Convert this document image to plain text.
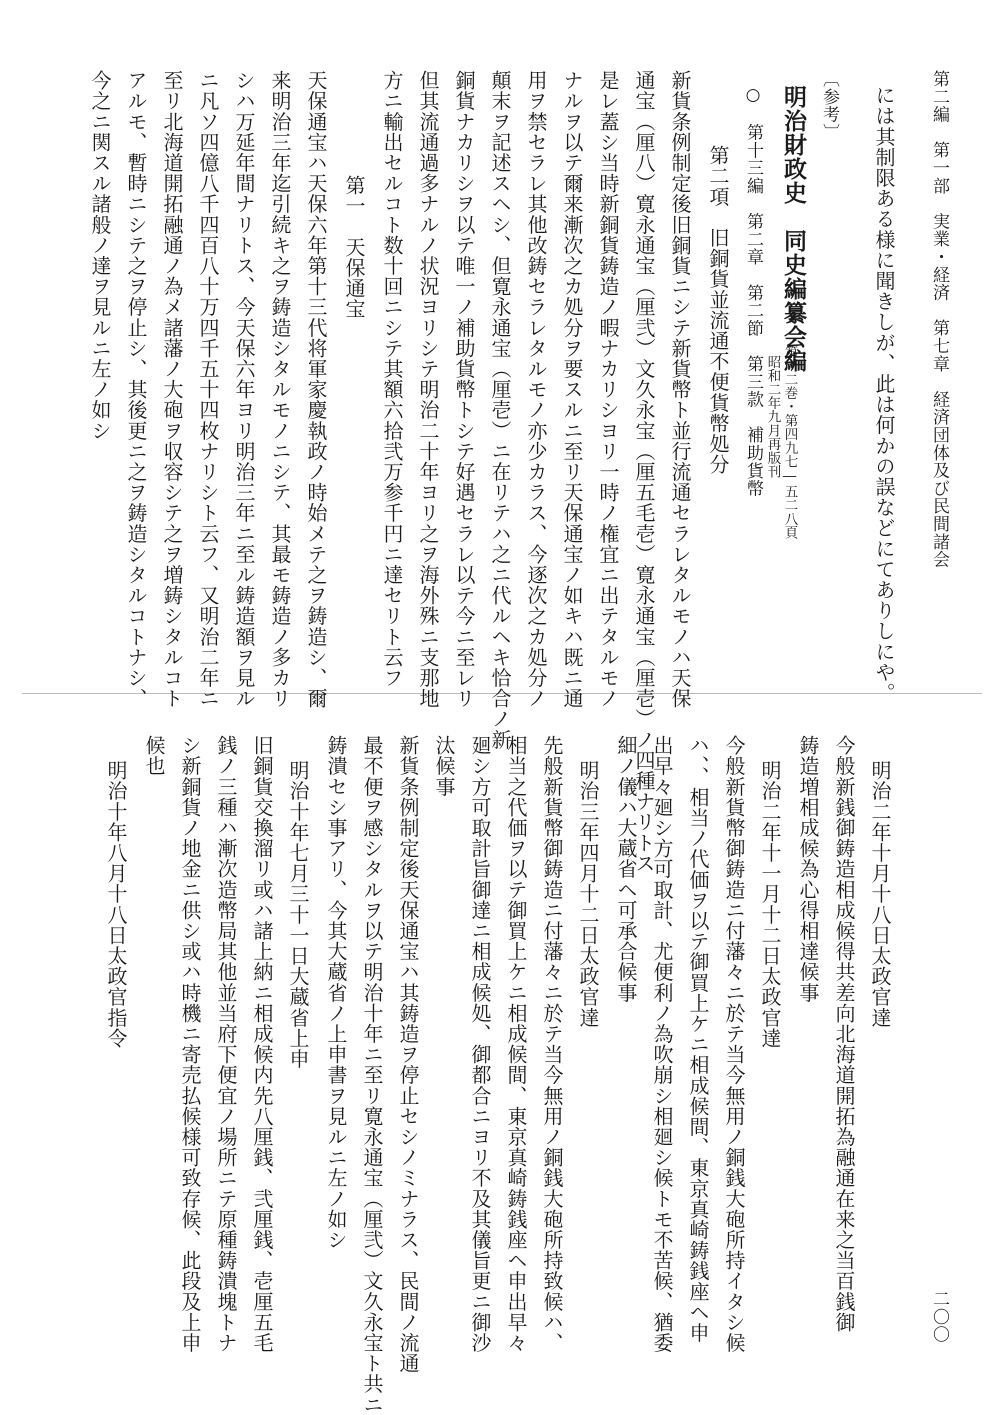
第二編　第一部　実業・経済　第七章　経済団体及び民間諸会
二〇〇
には其制限ある様に聞きしが、此は何かの誤などにてありしにや。
〔参考〕
明治財政史　同史編纂会編
第一二巻・第四九七―五二八頁
昭和二年九月再版刊
○　第十三編　第二章　第二節　第三款　補助貨幣
第二項　旧銅貨並流通不便貨幣処分
新貨条例制定後旧銅貨ニシテ新貨幣ト並行流通セラレタルモノハ天保
通宝（厘八）寛永通宝（厘弐）文久永宝（厘五毛壱）寛永通宝（厘壱）ノ四種ナリトス
是レ蓋シ当時新銅貨鋳造ノ暇ナカリシヨリ一時ノ権宜ニ出テタルモノ
ナルヲ以テ爾来漸次之カ処分ヲ要スルニ至リ天保通宝ノ如キハ既ニ通
用ヲ禁セラレ其他改鋳セラレタルモノ亦少カラス、今逐次之カ処分ノ
顛末ヲ記述スヘシ、但寛永通宝（厘壱）ニ在リテハ之ニ代ルヘキ恰合ノ新
銅貨ナカリシヲ以テ唯一ノ補助貨幣トシテ好遇セラレ以テ今ニ至レリ
但其流通過多ナルノ状況ヨリシテ明治二十年ヨリ之ヲ海外殊ニ支那地
方ニ輸出セルコト数十回ニシテ其額六拾弐万参千円ニ達セリト云フ
第一　天保通宝
天保通宝ハ天保六年第十三代将軍家慶執政ノ時始メテ之ヲ鋳造シ、爾
来明治三年迄引続キ之ヲ鋳造シタルモノニシテ、其最モ鋳造ノ多カリ
シハ万延年間ナリトス、今天保六年ヨリ明治三年ニ至ル鋳造額ヲ見ル
ニ凡ソ四億八千四百八十万四千五十四枚ナリシト云フ、又明治二年ニ
至リ北海道開拓融通ノ為メ諸藩ノ大砲ヲ収容シテ之ヲ増鋳シタルコト
アルモ、暫時ニシテ之ヲ停止シ、其後更ニ之ヲ鋳造シタルコトナシ、
今之ニ関スル諸般ノ達ヲ見ルニ左ノ如シ
明治二年十月十八日太政官達
今般新銭御鋳造相成候得共差向北海道開拓為融通在来之当百銭御
鋳造増相成候為心得相達候事
明治二年十一月十二日太政官達
今般新貨幣御鋳造ニ付藩々ニ於テ当今無用ノ銅銭大砲所持イタシ候
ハ、、相当ノ代価ヲ以テ御買上ケニ相成候間、東京真崎鋳銭座ヘ申
出早々廻シ方可取計、尤便利ノ為吹崩シ相廻シ候トモ不苦候、猶委
細ノ儀ハ大蔵省ヘ可承合候事
明治三年四月十二日太政官達
先般新貨幣御鋳造ニ付藩々ニ於テ当今無用ノ銅銭大砲所持致候ハ、
相当之代価ヲ以テ御買上ケニ相成候間、東京真崎鋳銭座ヘ申出早々
廻シ方可取計旨御達ニ相成候処、御都合ニヨリ不及其儀旨更ニ御沙
汰候事
新貨条例制定後天保通宝ハ其鋳造ヲ停止セシノミナラス、民間ノ流通
最不便ヲ感シタルヲ以テ明治十年ニ至リ寛永通宝（厘弐）文久永宝ト共ニ
鋳潰セシ事アリ、今其大蔵省ノ上申書ヲ見ルニ左ノ如シ
明治十年七月三十一日大蔵省上申
旧銅貨交換溜リ或ハ諸上納ニ相成候内先八厘銭、弐厘銭、壱厘五毛
銭ノ三種ハ漸次造幣局其他並当府下便宜ノ場所ニテ原種鋳潰塊トナ
シ新銅貨ノ地金ニ供シ或ハ時機ニ寄売払候様可致存候、此段及上申
候也
明治十年八月十八日太政官指令
